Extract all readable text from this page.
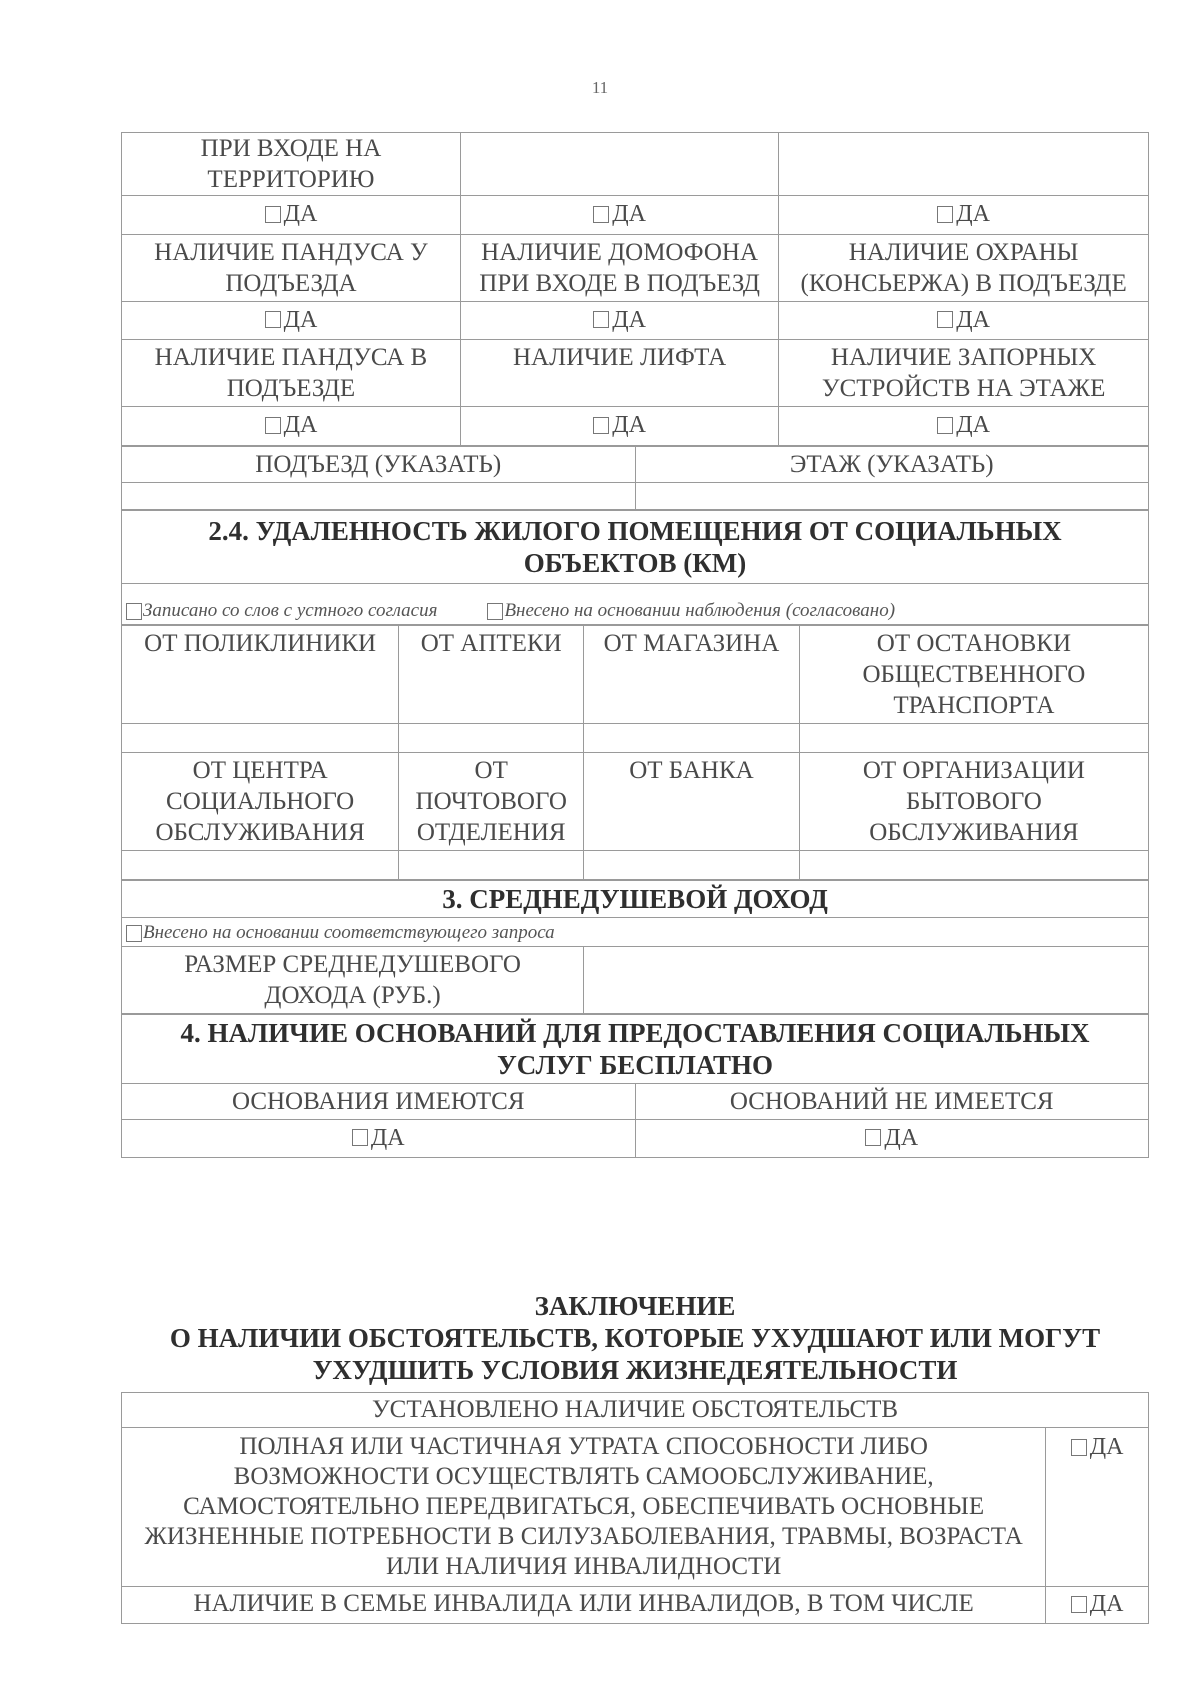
11
ПРИ ВХОДЕ НА ТЕРРИТОРИЮ		

ДА	ДА	ДА

НАЛИЧИЕ ПАНДУСА У ПОДЪЕЗДА	НАЛИЧИЕ ДОМОФОНА ПРИ ВХОДЕ В ПОДЪЕЗД	НАЛИЧИЕ ОХРАНЫ (КОНСЬЕРЖА) В ПОДЪЕЗДЕ

ДА	ДА	ДА

НАЛИЧИЕ ПАНДУСА В ПОДЪЕЗДЕ	НАЛИЧИЕ ЛИФТА	НАЛИЧИЕ ЗАПОРНЫХ УСТРОЙСТВ НА ЭТАЖЕ

ДА	ДА	ДА
ПОДЪЕЗД (УКАЗАТЬ)	ЭТАЖ (УКАЗАТЬ)

2.4. УДАЛЕННОСТЬ ЖИЛОГО ПОМЕЩЕНИЯ ОТ СОЦИАЛЬНЫХ ОБЪЕКТОВ (КМ)
Записано со слов с устного согласия	Внесено на основании наблюдения (согласовано)
ОТ ПОЛИКЛИНИКИ	ОТ АПТЕКИ	ОТ МАГАЗИНА	ОТ ОСТАНОВКИ ОБЩЕСТВЕННОГО ТРАНСПОРТА

ОТ ЦЕНТРА СОЦИАЛЬНОГО ОБСЛУЖИВАНИЯ	ОТ ПОЧТОВОГО ОТДЕЛЕНИЯ	ОТ БАНКА	ОТ ОРГАНИЗАЦИИ БЫТОВОГО ОБСЛУЖИВАНИЯ

3. СРЕДНЕДУШЕВОЙ ДОХОД
Внесено на основании соответствующего запроса
РАЗМЕР СРЕДНЕДУШЕВОГО ДОХОДА (РУБ.)	
4. НАЛИЧИЕ ОСНОВАНИЙ ДЛЯ ПРЕДОСТАВЛЕНИЯ СОЦИАЛЬНЫХ УСЛУГ БЕСПЛАТНО	
ОСНОВАНИЯ ИМЕЮТСЯ	ОСНОВАНИЙ НЕ ИМЕЕТСЯ

ДА	ДА
ЗАКЛЮЧЕНИЕ
О НАЛИЧИИ ОБСТОЯТЕЛЬСТВ, КОТОРЫЕ УХУДШАЮТ ИЛИ МОГУТ
УХУДШИТЬ УСЛОВИЯ ЖИЗНЕДЕЯТЕЛЬНОСТИ
УСТАНОВЛЕНО НАЛИЧИЕ ОБСТОЯТЕЛЬСТВ	
ПОЛНАЯ ИЛИ ЧАСТИЧНАЯ УТРАТА СПОСОБНОСТИ ЛИБО ВОЗМОЖНОСТИ ОСУЩЕСТВЛЯТЬ САМООБСЛУЖИВАНИЕ, САМОСТОЯТЕЛЬНО ПЕРЕДВИГАТЬСЯ, ОБЕСПЕЧИВАТЬ ОСНОВНЫЕ ЖИЗНЕННЫЕ ПОТРЕБНОСТИ В СИЛУЗАБОЛЕВАНИЯ, ТРАВМЫ, ВОЗРАСТА ИЛИ НАЛИЧИЯ ИНВАЛИДНОСТИ	ДА

НАЛИЧИЕ В СЕМЬЕ ИНВАЛИДА ИЛИ ИНВАЛИДОВ, В ТОМ ЧИСЛЕ	ДА
